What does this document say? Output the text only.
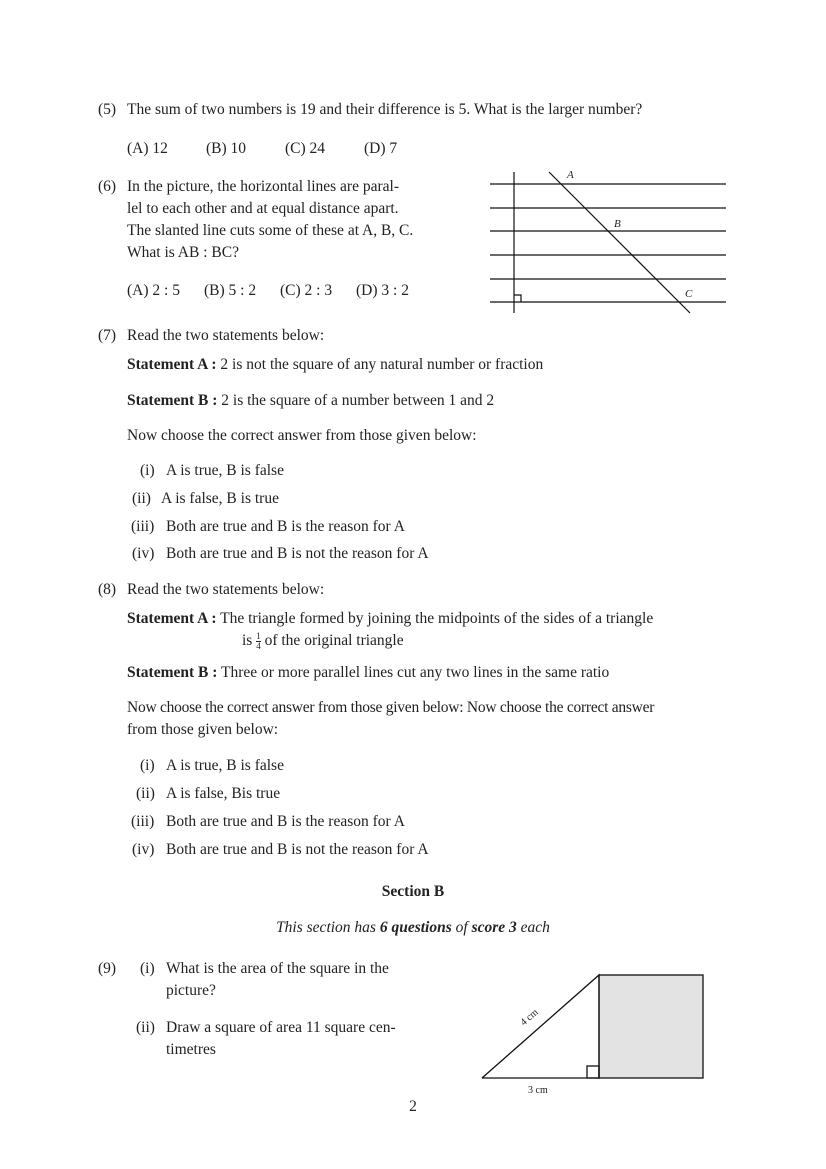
(5) The sum of two numbers is 19 and their difference is 5. What is the larger number?
(A) 12 (B) 10	(C) 24	(D) 7
(6) In the picture, the horizontal lines are paral-
lel to each other and at equal distance apart.
The slanted line cuts some of these at A, B, C.
What is AB : BC?
(A) 2 : 5 (B) 5 : 2 (C) 2 : 3 (D) 3 : 2
A
B
C
(7) Read the two statements below:
Statement A : 2 is not the square of any natural number or fraction
Statement B : 2 is the square of a number between 1 and 2
Now choose the correct answer from those given below:
(i) A is true, B is false
(ii) A is false, B is true
(iii) Both are true and B is the reason for A
(iv) Both are true and B is not the reason for A
(8) Read the two statements below:
Statement A : The triangle formed by joining the midpoints of the sides of a triangle
is $\frac{1}{4}$ of the original triangle
Statement B : Three or more parallel lines cut any two lines in the same ratio
Now choose the correct answer from those given below: Now choose the correct answer
from those given below:
(i) A is true, B is false
(ii) A is false, Bis true
(iii) Both are true and B is the reason for A
(iv) Both are true and B is not the reason for A
Section B
This section has 6 questions of score 3 each
(9) (i) What is the area of the square in the
picture?
(ii) Draw a square of area 11 square cen-
timetres
4 cm
3 cm
2
